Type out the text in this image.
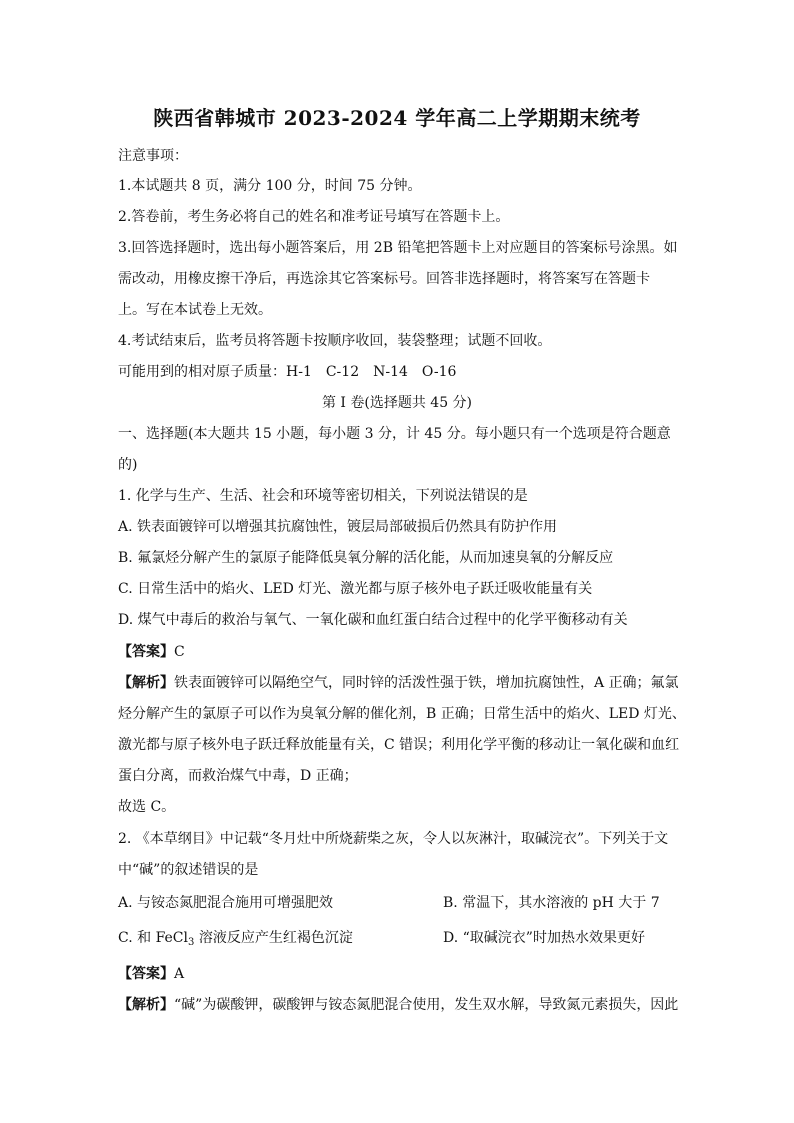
陕西省韩城市 2023-2024 学年高二上学期期末统考
注意事项：
1.本试题共 8 页，满分 100 分，时间 75 分钟。
2.答卷前，考生务必将自己的姓名和准考证号填写在答题卡上。
3.回答选择题时，选出每小题答案后，用 2B 铅笔把答题卡上对应题目的答案标号涂黑。如
需改动，用橡皮擦干净后，再选涂其它答案标号。回答非选择题时，将答案写在答题卡
上。写在本试卷上无效。
4.考试结束后，监考员将答题卡按顺序收回，装袋整理；试题不回收。
可能用到的相对原子质量：H-1　C-12　N-14　O-16
第 I 卷(选择题共 45 分)
一、选择题(本大题共 15 小题，每小题 3 分，计 45 分。每小题只有一个选项是符合题意
的)
1. 化学与生产、生活、社会和环境等密切相关，下列说法错误的是
A. 铁表面镀锌可以增强其抗腐蚀性，镀层局部破损后仍然具有防护作用
B. 氟氯烃分解产生的氯原子能降低臭氧分解的活化能，从而加速臭氧的分解反应
C. 日常生活中的焰火、LED 灯光、激光都与原子核外电子跃迁吸收能量有关
D. 煤气中毒后的救治与氧气、一氧化碳和血红蛋白结合过程中的化学平衡移动有关
【答案】C
【解析】铁表面镀锌可以隔绝空气，同时锌的活泼性强于铁，增加抗腐蚀性，A 正确；氟氯
烃分解产生的氯原子可以作为臭氧分解的催化剂，B 正确；日常生活中的焰火、LED 灯光、
激光都与原子核外电子跃迁释放能量有关，C 错误；利用化学平衡的移动让一氧化碳和血红
蛋白分离，而救治煤气中毒，D 正确；
故选 C。
2. 《本草纲目》中记载“冬月灶中所烧薪柴之灰，令人以灰淋汁，取碱浣衣”。下列关于文
中“碱”的叙述错误的是
A. 与铵态氮肥混合施用可增强肥效	B. 常温下，其水溶液的 pH 大于 7
C. 和 FeCl$_3$ 溶液反应产生红褐色沉淀	D. “取碱浣衣”时加热水效果更好
【答案】A
【解析】“碱”为碳酸钾，碳酸钾与铵态氮肥混合使用，发生双水解，导致氮元素损失，因此
